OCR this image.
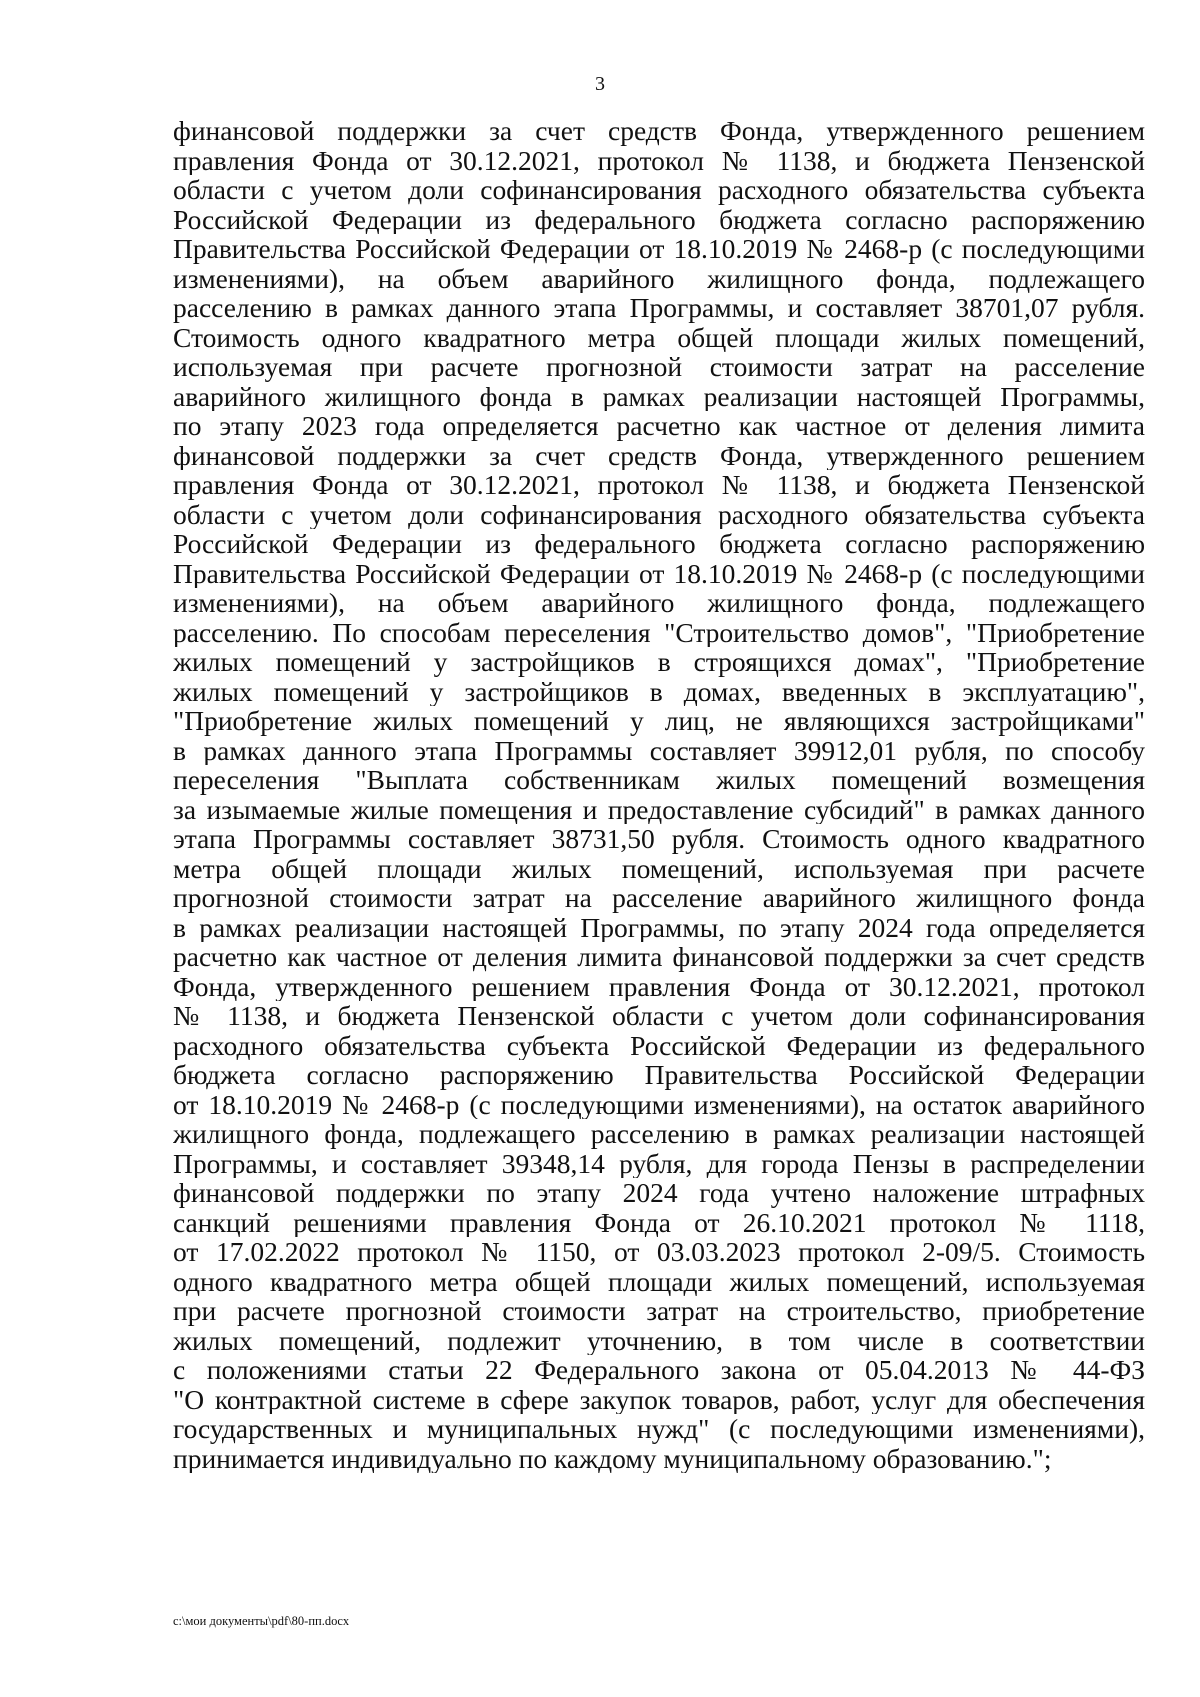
3
финансовой поддержки за счет средств Фонда, утвержденного решением
правления Фонда от 30.12.2021, протокол № 1138, и бюджета Пензенской
области с учетом доли софинансирования расходного обязательства субъекта
Российской Федерации из федерального бюджета согласно распоряжению
Правительства Российской Федерации от 18.10.2019 № 2468-р (с последующими
изменениями), на объем аварийного жилищного фонда, подлежащего
расселению в рамках данного этапа Программы, и составляет 38701,07 рубля.
Стоимость одного квадратного метра общей площади жилых помещений,
используемая при расчете прогнозной стоимости затрат на расселение
аварийного жилищного фонда в рамках реализации настоящей Программы,
по этапу 2023 года определяется расчетно как частное от деления лимита
финансовой поддержки за счет средств Фонда, утвержденного решением
правления Фонда от 30.12.2021, протокол № 1138, и бюджета Пензенской
области с учетом доли софинансирования расходного обязательства субъекта
Российской Федерации из федерального бюджета согласно распоряжению
Правительства Российской Федерации от 18.10.2019 № 2468-р (с последующими
изменениями), на объем аварийного жилищного фонда, подлежащего
расселению. По способам переселения "Строительство домов", "Приобретение
жилых помещений у застройщиков в строящихся домах", "Приобретение
жилых помещений у застройщиков в домах, введенных в эксплуатацию",
"Приобретение жилых помещений у лиц, не являющихся застройщиками"
в рамках данного этапа Программы составляет 39912,01 рубля, по способу
переселения "Выплата собственникам жилых помещений возмещения
за изымаемые жилые помещения и предоставление субсидий" в рамках данного
этапа Программы составляет 38731,50 рубля. Стоимость одного квадратного
метра общей площади жилых помещений, используемая при расчете
прогнозной стоимости затрат на расселение аварийного жилищного фонда
в рамках реализации настоящей Программы, по этапу 2024 года определяется
расчетно как частное от деления лимита финансовой поддержки за счет средств
Фонда, утвержденного решением правления Фонда от 30.12.2021, протокол
№ 1138, и бюджета Пензенской области с учетом доли софинансирования
расходного обязательства субъекта Российской Федерации из федерального
бюджета согласно распоряжению Правительства Российской Федерации
от 18.10.2019 № 2468-р (с последующими изменениями), на остаток аварийного
жилищного фонда, подлежащего расселению в рамках реализации настоящей
Программы, и составляет 39348,14 рубля, для города Пензы в распределении
финансовой поддержки по этапу 2024 года учтено наложение штрафных
санкций решениями правления Фонда от 26.10.2021 протокол № 1118,
от 17.02.2022 протокол № 1150, от 03.03.2023 протокол 2-09/5. Стоимость
одного квадратного метра общей площади жилых помещений, используемая
при расчете прогнозной стоимости затрат на строительство, приобретение
жилых помещений, подлежит уточнению, в том числе в соответствии
с положениями статьи 22 Федерального закона от 05.04.2013 № 44-ФЗ
"О контрактной системе в сфере закупок товаров, работ, услуг для обеспечения
государственных и муниципальных нужд" (с последующими изменениями),
принимается индивидуально по каждому муниципальному образованию.";
c:\мои документы\pdf\80-пп.docx
